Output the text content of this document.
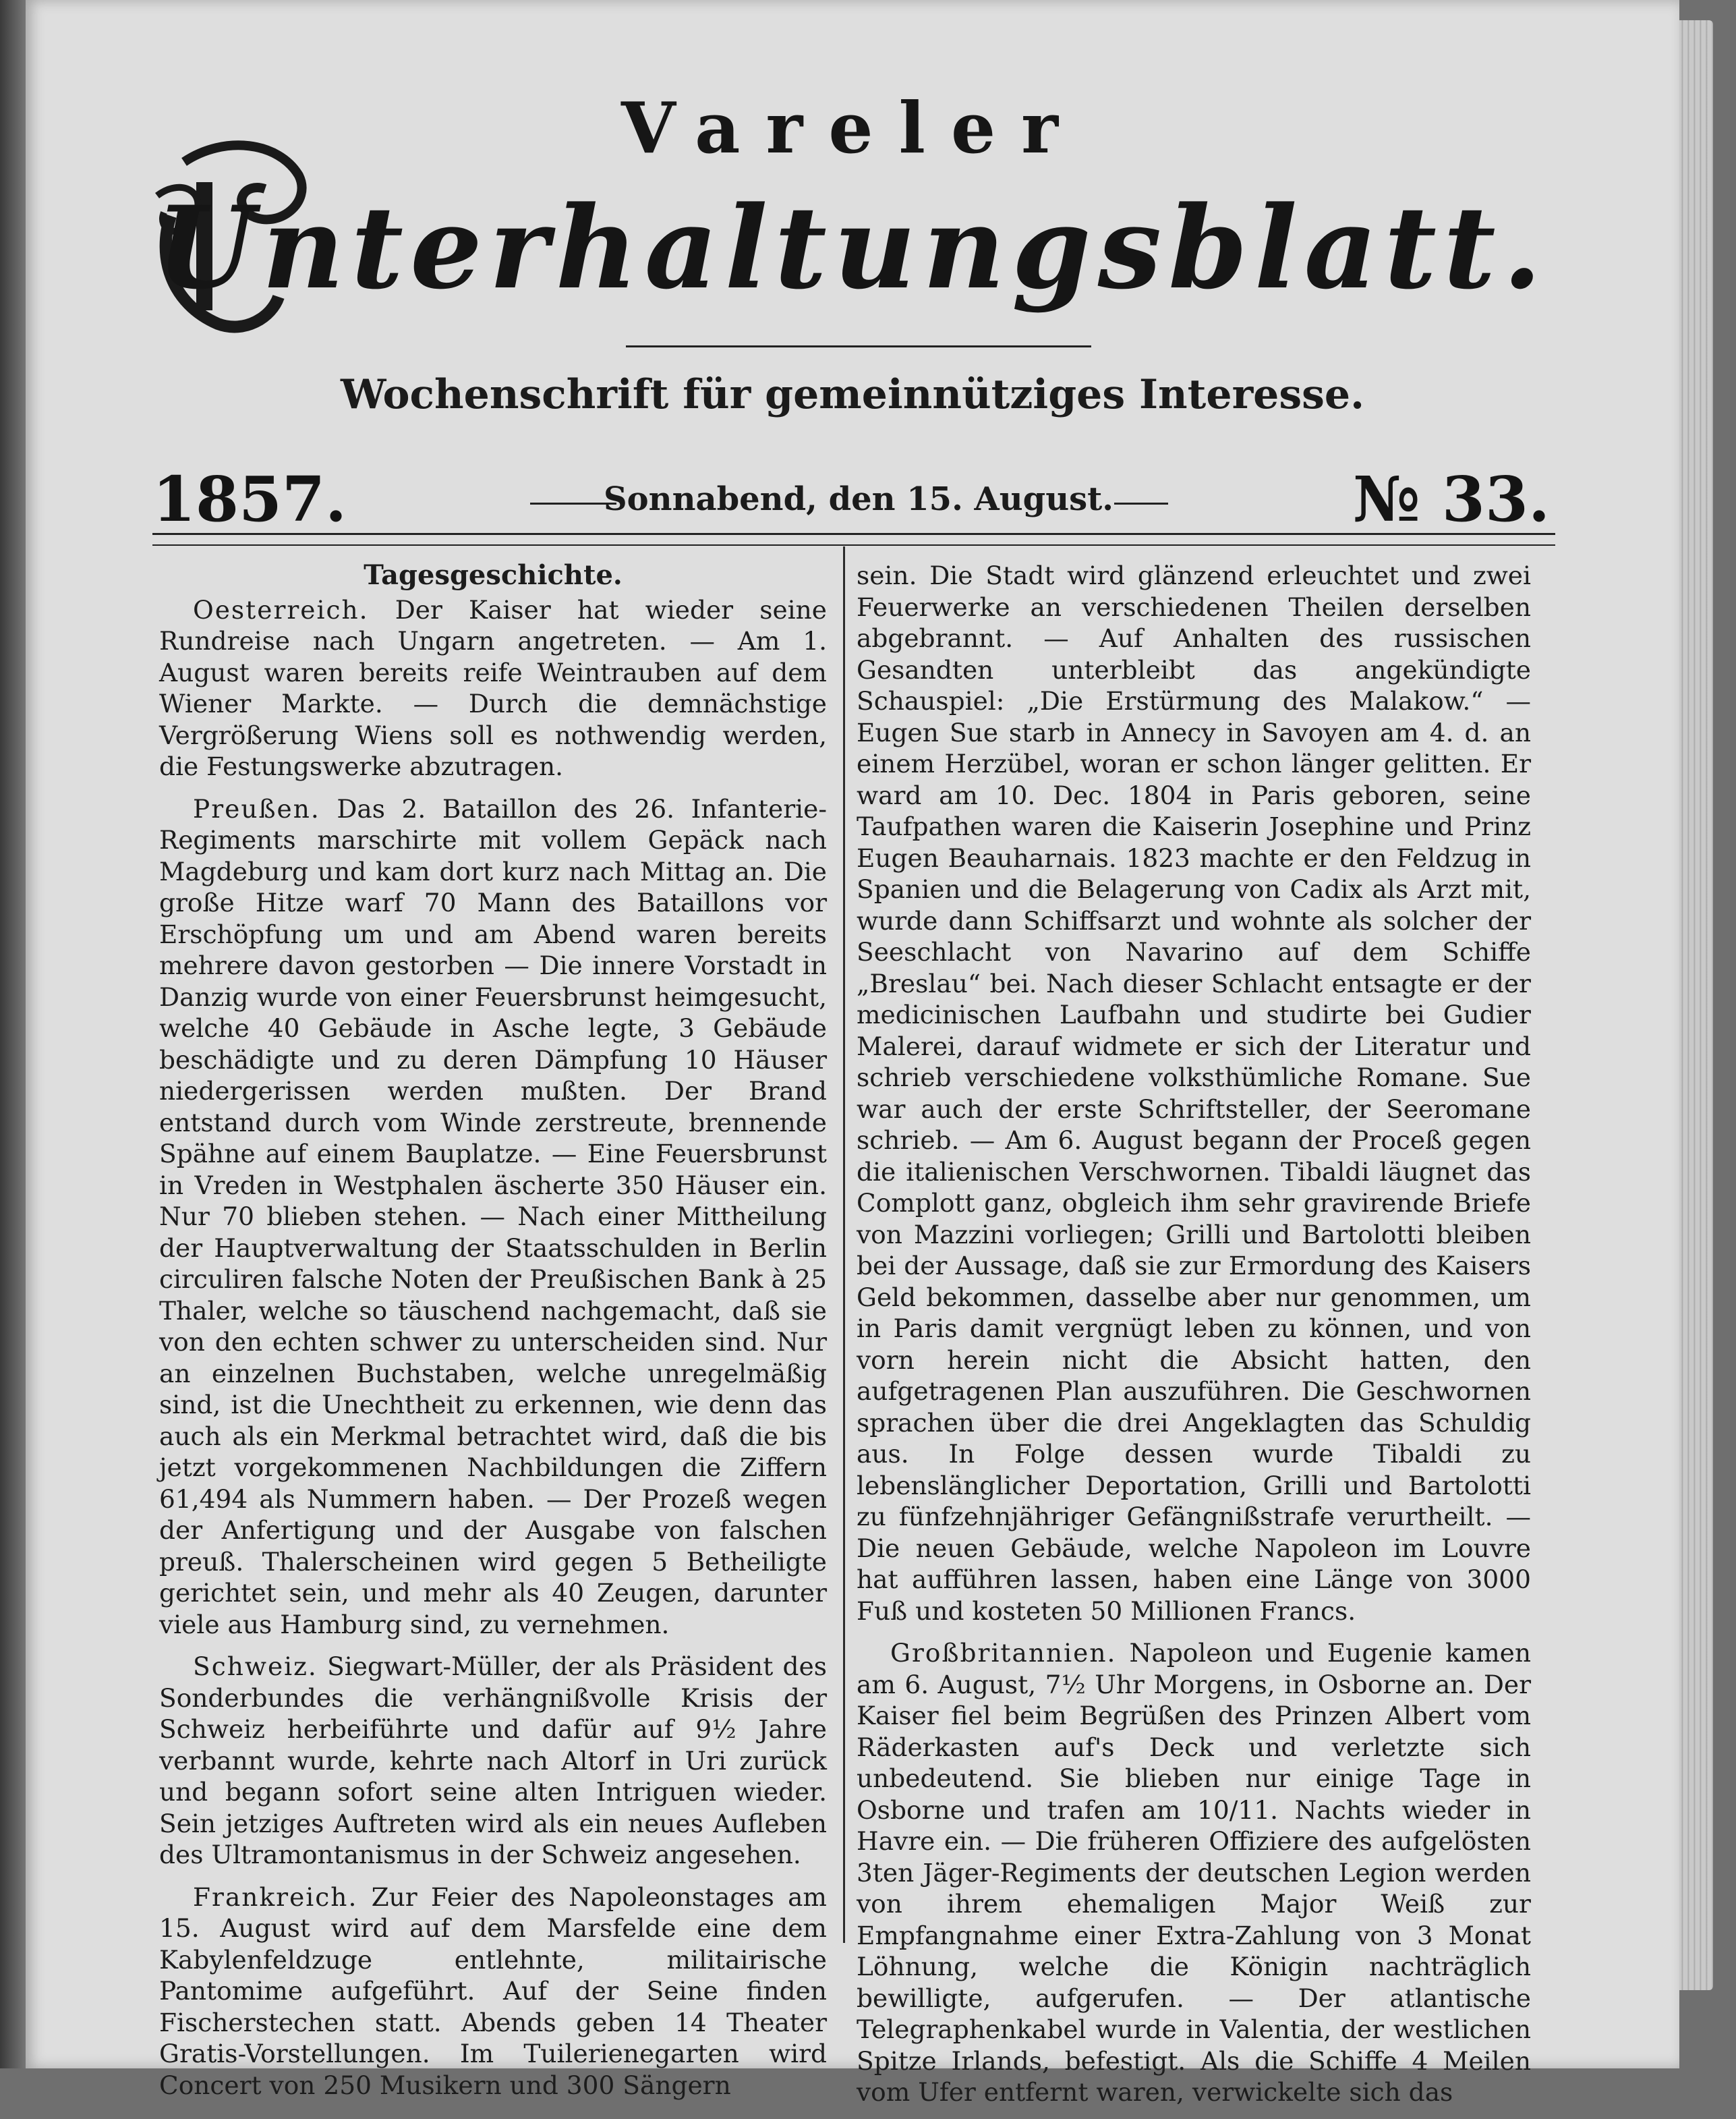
Vareler
Unterhaltungsblatt.
Wochenschrift für gemeinnütziges Interesse.
1857.	Sonnabend, den 15. August.	№ 33.
Tagesgeschichte.

Oesterreich. Der Kaiser hat wieder seine Rundreise nach Ungarn angetreten. — Am 1. August waren bereits reife Weintrauben auf dem Wiener Markte. — Durch die demnächstige Vergrößerung Wiens soll es nothwendig werden, die Festungswerke abzutragen.

Preußen. Das 2. Bataillon des 26. Infanterie-Regiments marschirte mit vollem Gepäck nach Magdeburg und kam dort kurz nach Mittag an. Die große Hitze warf 70 Mann des Bataillons vor Erschöpfung um und am Abend waren bereits mehrere davon gestorben — Die innere Vorstadt in Danzig wurde von einer Feuersbrunst heimgesucht, welche 40 Gebäude in Asche legte, 3 Gebäude beschädigte und zu deren Dämpfung 10 Häuser niedergerissen werden mußten. Der Brand entstand durch vom Winde zerstreute, brennende Spähne auf einem Bauplatze. — Eine Feuersbrunst in Vreden in Westphalen äscherte 350 Häuser ein. Nur 70 blieben stehen. — Nach einer Mittheilung der Hauptverwaltung der Staatsschulden in Berlin circuliren falsche Noten der Preußischen Bank à 25 Thaler, welche so täuschend nachgemacht, daß sie von den echten schwer zu unterscheiden sind. Nur an einzelnen Buchstaben, welche unregelmäßig sind, ist die Unechtheit zu erkennen, wie denn das auch als ein Merkmal betrachtet wird, daß die bis jetzt vorgekommenen Nachbildungen die Ziffern 61,494 als Nummern haben. — Der Prozeß wegen der Anfertigung und der Ausgabe von falschen preuß. Thalerscheinen wird gegen 5 Betheiligte gerichtet sein, und mehr als 40 Zeugen, darunter viele aus Hamburg sind, zu vernehmen.

Schweiz. Siegwart-Müller, der als Präsident des Sonderbundes die verhängnißvolle Krisis der Schweiz herbeiführte und dafür auf 9½ Jahre verbannt wurde, kehrte nach Altorf in Uri zurück und begann sofort seine alten Intriguen wieder. Sein jetziges Auftreten wird als ein neues Aufleben des Ultramontanismus in der Schweiz angesehen.

Frankreich. Zur Feier des Napoleonstages am 15. August wird auf dem Marsfelde eine dem Kabylenfeldzuge entlehnte, militairische Pantomime aufgeführt. Auf der Seine finden Fischerstechen statt. Abends geben 14 Theater Gratis-Vorstellungen. Im Tuilerienegarten wird Concert von 250 Musikern und 300 Sängern

sein. Die Stadt wird glänzend erleuchtet und zwei Feuerwerke an verschiedenen Theilen derselben abgebrannt. — Auf Anhalten des russischen Gesandten unterbleibt das angekündigte Schauspiel: „Die Erstürmung des Malakow.“ — Eugen Sue starb in Annecy in Savoyen am 4. d. an einem Herzübel, woran er schon länger gelitten. Er ward am 10. Dec. 1804 in Paris geboren, seine Taufpathen waren die Kaiserin Josephine und Prinz Eugen Beauharnais. 1823 machte er den Feldzug in Spanien und die Belagerung von Cadix als Arzt mit, wurde dann Schiffsarzt und wohnte als solcher der Seeschlacht von Navarino auf dem Schiffe „Breslau“ bei. Nach dieser Schlacht entsagte er der medicinischen Laufbahn und studirte bei Gudier Malerei, darauf widmete er sich der Literatur und schrieb verschiedene volksthümliche Romane. Sue war auch der erste Schriftsteller, der Seeromane schrieb. — Am 6. August begann der Proceß gegen die italienischen Verschwornen. Tibaldi läugnet das Complott ganz, obgleich ihm sehr gravirende Briefe von Mazzini vorliegen; Grilli und Bartolotti bleiben bei der Aussage, daß sie zur Ermordung des Kaisers Geld bekommen, dasselbe aber nur genommen, um in Paris damit vergnügt leben zu können, und von vorn herein nicht die Absicht hatten, den aufgetragenen Plan auszuführen. Die Geschwornen sprachen über die drei Angeklagten das Schuldig aus. In Folge dessen wurde Tibaldi zu lebenslänglicher Deportation, Grilli und Bartolotti zu fünfzehnjähriger Gefängnißstrafe verurtheilt. — Die neuen Gebäude, welche Napoleon im Louvre hat aufführen lassen, haben eine Länge von 3000 Fuß und kosteten 50 Millionen Francs.

Großbritannien. Napoleon und Eugenie kamen am 6. August, 7½ Uhr Morgens, in Osborne an. Der Kaiser fiel beim Begrüßen des Prinzen Albert vom Räderkasten auf's Deck und verletzte sich unbedeutend. Sie blieben nur einige Tage in Osborne und trafen am 10/11. Nachts wieder in Havre ein. — Die früheren Offiziere des aufgelösten 3ten Jäger-Regiments der deutschen Legion werden von ihrem ehemaligen Major Weiß zur Empfangnahme einer Extra-Zahlung von 3 Monat Löhnung, welche die Königin nachträglich bewilligte, aufgerufen. — Der atlantische Telegraphenkabel wurde in Valentia, der westlichen Spitze Irlands, befestigt. Als die Schiffe 4 Meilen vom Ufer entfernt waren, verwickelte sich das
